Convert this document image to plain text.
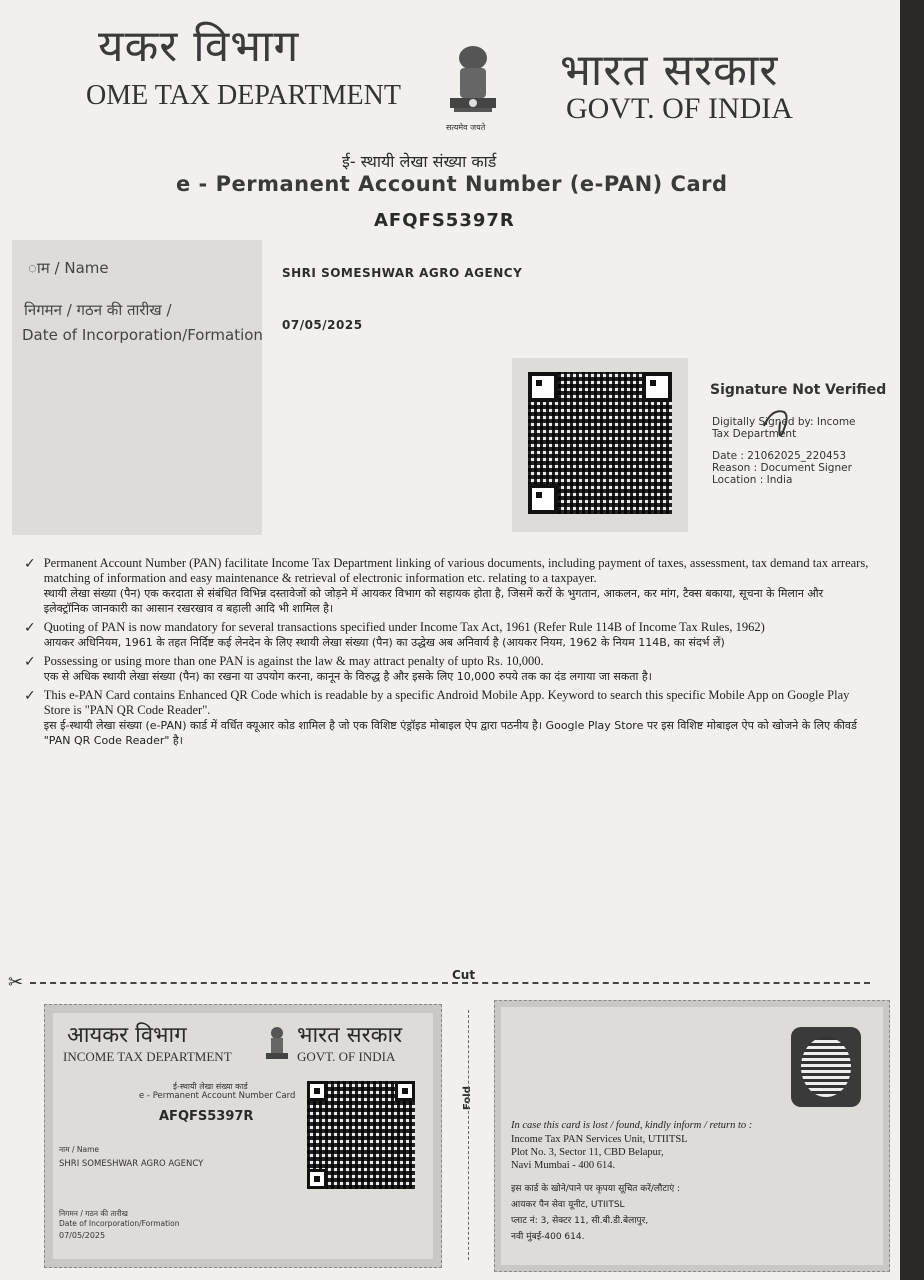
यकर विभाग
OME TAX DEPARTMENT
सत्यमेव जयते
भारत सरकार
GOVT. OF INDIA
ई- स्थायी लेखा संख्या कार्ड
e - Permanent Account Number (e-PAN) Card
AFQFS5397R
ाम / Name	SHRI SOMESHWAR AGRO AGENCY
निगमन / गठन की तारीख /
Date of Incorporation/Formation
07/05/2025
Signature Not Verified
Digitally Signed by: Income
Tax Department
Date : 21062025_220453
Reason : Document Signer
Location : India
✓ Permanent Account Number (PAN) facilitate Income Tax Department linking of various documents, including payment of taxes, assessment, tax demand tax arrears, matching of information and easy maintenance & retrieval of electronic information etc. relating to a taxpayer.
स्थायी लेखा संख्या (पैन) एक करदाता से संबंधित विभिन्न दस्तावेजों को जोड़ने में आयकर विभाग को सहायक होता है, जिसमें करों के भुगतान, आकलन, कर मांग, टैक्स बकाया, सूचना के मिलान और इलेक्ट्रॉनिक जानकारी का आसान रखरखाव व बहाली आदि भी शामिल है।
✓ Quoting of PAN is now mandatory for several transactions specified under Income Tax Act, 1961 (Refer Rule 114B of Income Tax Rules, 1962)
आयकर अधिनियम, 1961 के तहत निर्दिष्ट कई लेनदेन के लिए स्थायी लेखा संख्या (पैन) का उद्धेख अब अनिवार्य है (आयकर नियम, 1962 के नियम 114B, का संदर्भ लें)
✓ Possessing or using more than one PAN is against the law & may attract penalty of upto Rs. 10,000.
एक से अधिक स्थायी लेखा संख्या (पैन) का रखना या उपयोग करना, कानून के विरुद्ध है और इसके लिए 10,000 रुपये तक का दंड लगाया जा सकता है।
✓ This e-PAN Card contains Enhanced QR Code which is readable by a specific Android Mobile App. Keyword to search this specific Mobile App on Google Play Store is "PAN QR Code Reader".
इस ई-स्थायी लेखा संख्या (e-PAN) कार्ड में वर्धित क्यूआर कोड शामिल है जो एक विशिष्ट एंड्रॉइड मोबाइल ऐप द्वारा पठनीय है। Google Play Store पर इस विशिष्ट मोबाइल ऐप को खोजने के लिए कीवर्ड "PAN QR Code Reader" है।
✂	Cut
आयकर विभाग
INCOME TAX DEPARTMENT
भारत सरकार
GOVT. OF INDIA
ई-स्थायी लेखा संख्या कार्ड
e - Permanent Account Number Card
AFQFS5397R
नाम / Name
SHRI SOMESHWAR AGRO AGENCY
निगमन / गठन की तारीख
Date of Incorporation/Formation
07/05/2025
Fold
In case this card is lost / found, kindly inform / return to :
Income Tax PAN Services Unit, UTIITSL
Plot No. 3, Sector 11, CBD Belapur,
Navi Mumbai - 400 614.
इस कार्ड के खोने/पाने पर कृपया सूचित करें/लौटाएं :
आयकर पैन सेवा यूनीट, UTIITSL
प्लाट नं: 3, सेक्टर 11, सी.बी.डी.बेलापुर,
नवी मुंबई-400 614.
